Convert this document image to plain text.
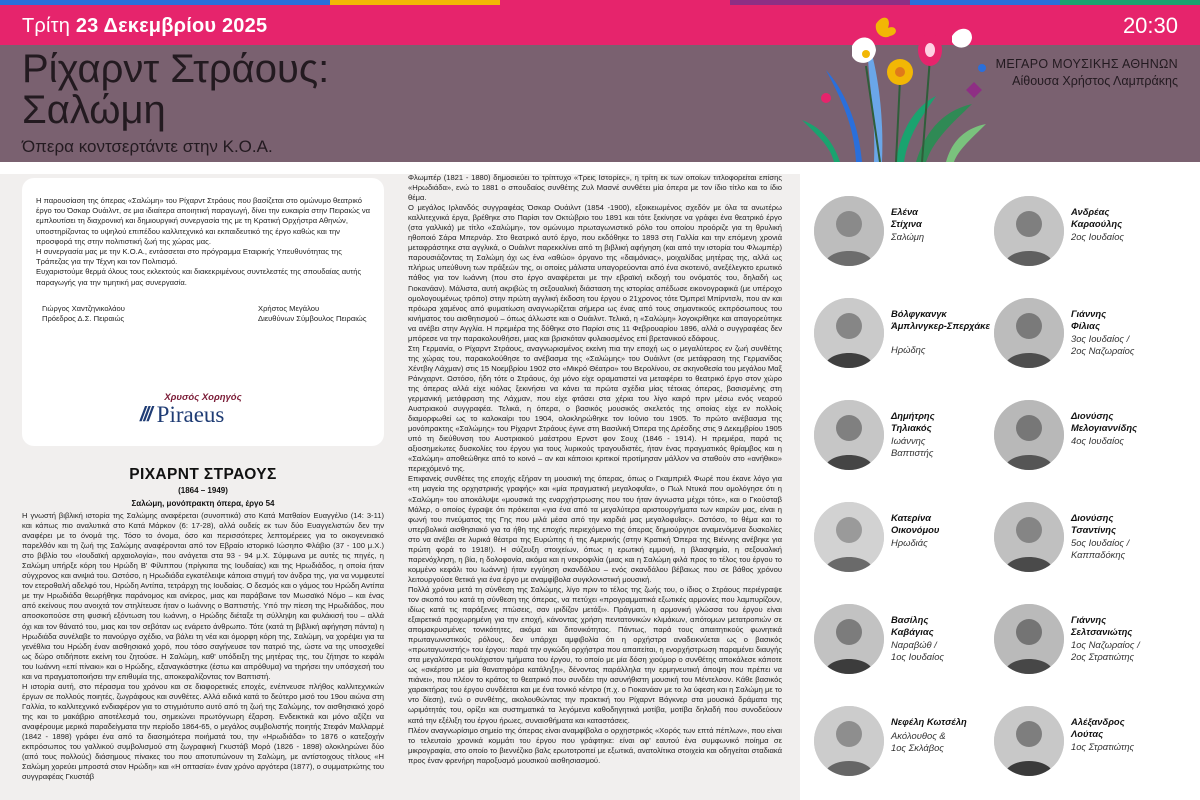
Τρίτη 23 Δεκεμβρίου 2025	20:30
Ρίχαρντ Στράους:
Σαλώμη
Όπερα κοντσερτάντε στην Κ.Ο.Α.
ΜΕΓΑΡΟ ΜΟΥΣΙΚΗΣ ΑΘΗΝΩΝ
Αίθουσα Χρήστος Λαμπράκης

Η παρουσίαση της όπερας «Σαλώμη» του Ρίχαρντ Στράους που βασίζεται στο ομώνυμο θεατρικό έργο του Όσκαρ Ουάιλντ, σε μια ιδιαίτερα αποιητική παραγωγή, δίνει την ευκαιρία στην Πειραιώς να εμπλουτίσει τη διαχρονική και δημιουργική συνεργασία της με τη Κρατική Ορχήστρα Αθηνών, υποστηρίζοντας το υψηλού επιπέδου καλλιτεχνικό και εκπαιδευτικό της έργο καθώς και την προσφορά της στην πολιτιστική ζωή της χώρας μας.

Η συνεργασία μας με την Κ.Ο.Α., εντάσσεται στο πρόγραμμα Εταιρικής Υπευθυνότητας της Τράπεζας για την Τέχνη και τον Πολιτισμό.

Ευχαριστούμε θερμά όλους τους εκλεκτούς και διακεκριμένους συντελεστές της σπουδαίας αυτής παραγωγής για την τιμητική μας συνεργασία.

Γιώργος Χαντζηνικολάου
Πρόεδρος Δ.Σ. Πειραιώς
Χρήστος Μεγάλου
Διευθύνων Σύμβουλος Πειραιώς
Χρυσός Χορηγός
/// Piraeus
ΡΙΧΑΡΝΤ ΣΤΡΑΟΥΣ
(1864 – 1949)
Σαλώμη, μονόπρακτη όπερα, έργο 54

Η γνωστή βιβλική ιστορία της Σαλώμης αναφέρεται (συνοπτικά) στο Κατά Ματθαίον Ευαγγέλιο (14: 3-11) και κάπως πιο αναλυτικά στο Κατά Μάρκον (6: 17-28), αλλά ουδείς εκ των δύο Ευαγγελιστών δεν την αναφέρει με το όνομά της. Τόσο το όνομα, όσο και περισσότερες λεπτομέρειες για το οικογενειακό παρελθόν και τη ζωή της Σαλώμης αναφέρονται από τον Εβραίο ιστορικό Ιώσηπο Φλάβιο (37 - 100 μ.Χ.) στο βιβλίο του «Ιουδαϊκή αρχαιολογία», που ανάγεται στα 93 - 94 μ.Χ. Σύμφωνα με αυτές τις πηγές, η Σαλώμη υπήρξε κόρη του Ηρώδη Β' Φίλιππου (πρίγκιπα της Ιουδαίας) και της Ηρωδιάδος, η οποία ήταν σύγχρονος και ανιψιά του. Ωστόσο, η Ηρωδιάδα εγκατέλειψε κάποια στιγμή τον άνδρα της, για να νυμφευτεί τον ετεροθαλή αδελφό του, Ηρώδη Αντίπα, τετράρχη της Ιουδαίας. Ο δεσμός και ο γάμος του Ηρώδη Αντίπα με την Ηρωδιάδα θεωρήθηκε παράνομος και ανίερος, μιας και παράβαινε τον Μωσαϊκό Νόμο – και ένας από εκείνους που ανοιχτά τον στηλίτευσε ήταν ο Ιωάννης ο Βαπτιστής. Υπό την πίεση της Ηρωδιάδος, που αποσκοπούσε στη φυσική εξόντωση του Ιωάννη, ο Ηρώδης διέταξε τη σύλληψη και φυλάκισή του – αλλά όχι και τον θάνατό του, μιας και τον σεβόταν ως ενάρετο άνθρωπο. Τότε (κατά τη βιβλική αφήγηση πάντα) η Ηρωδιάδα συνέλαβε το πανούργο σχέδιο, να βάλει τη νέα και όμορφη κόρη της, Σαλώμη, να χορέψει για τα γενέθλια του Ηρώδη έναν αισθησιακό χορό, που τόσο σαγήνευσε τον πατριό της, ώστε να της υποσχεθεί ως δώρο οτιδήποτε εκείνη του ζητούσε. Η Σαλώμη, καθ' υπόδειξη της μητέρας της, του ζήτησε το κεφάλι του Ιωάννη «επί πίνακι» και ο Ηρώδης, εξαναγκάστηκε (έστω και απρόθυμα) να τηρήσει την υπόσχεσή του και να πραγματοποιήσει την επιθυμία της, αποκεφαλίζοντας τον Βαπτιστή.

Η ιστορία αυτή, στο πέρασμα του χρόνου και σε διαφορετικές εποχές, ενέπνευσε πλήθος καλλιτεχνικών έργων σε πολλούς ποιητές, ζωγράφους και συνθέτες. Αλλά ειδικά κατά το δεύτερο μισό του 19ου αιώνα στη Γαλλία, το καλλιτεχνικό ενδιαφέρον για το στιγμιότυπο αυτό από τη ζωή της Σαλώμης, τον αισθησιακό χορό της και το μακάβριο αποτέλεσμά του, σημειώνει πρωτόγνωρη έξαρση. Ενδεικτικά και μόνο αξίζει να αναφέρουμε μερικά παραδείγματα την περίοδο 1864-65, ο μεγάλος συμβολιστής ποιητής Στεφάν Μαλλαρμέ (1842 - 1898) γράφει ένα από τα διασημότερα ποιήματά του, την «Ηρωδιάδα» το 1876 ο κατεξοχήν εκπρόσωπος του γαλλικού συμβολισμού στη ζωγραφική Γκυστάβ Μορό (1826 - 1898) ολοκληρώνει δύο (από τους πολλούς) διάσημους πίνακες του που αποτυπώνουν τη Σαλώμη, με αντίστοιχους τίτλους «Η Σαλώμη χορεύει μπροστά στον Ηρώδη» και «Η οπτασία» έναν χρόνο αργότερα (1877), ο συμματριώτης του συγγραφέας Γκυστάβ

Φλωμπέρ (1821 - 1880) δημοσιεύει το τρίπτυχο «Τρεις Ιστορίες», η τρίτη εκ των οποίων τιτλοφορείται επίσης «Ηρωδιάδα», ενώ το 1881 ο σπουδαίος συνθέτης Ζυλ Μασνέ συνθέτει μία όπερα με τον ίδιο τίτλο και το ίδιο θέμα.

Ο μεγάλος Ιρλανδός συγγραφέας Όσκαρ Ουάιλντ (1854 -1900), εξοικειωμένος σχεδόν με όλα τα ανωτέρω καλλιτεχνικά έργα, βρέθηκε στο Παρίσι τον Οκτώβριο του 1891 και τότε ξεκίνησε να γράφει ένα θεατρικό έργο (στα γαλλικά) με τίτλο «Σαλώμη», τον ομώνυμο πρωταγωνιστικό ρόλο του οποίου προόριζε για τη θρυλική ηθοποιό Σάρα Μπερνάρ. Στο θεατρικό αυτό έργο, που εκδόθηκε το 1893 στη Γαλλία και την επόμενη χρονιά μεταφράστηκε στα αγγλικά, ο Ουάιλντ παρεκκλίνει από τη βιβλική αφήγηση (και από την ιστορία του Φλωμπέρ) παρουσιάζοντας τη Σαλώμη όχι ως ένα «αθώο» όργανο της «δαιμόνιας», μοιχαλίδας μητέρας της, αλλά ως πλήρως υπεύθυνη των πράξεών της, οι οποίες μάλιστα υπαγορεύονται από ένα σκοτεινό, ανεξέλεγκτο ερωτικό πάθος για τον Ιωάννη (που στο έργο αναφέρεται με την εβραϊκή εκδοχή του ονόματός του, δηλαδή ως Γιοκανάαν). Μάλιστα, αυτή ακριβώς τη σεξουαλική διάσταση της ιστορίας απέδωσε εικονογραφικά (με υπέροχο ομολογουμένως τρόπο) στην πρώτη αγγλική έκδοση του έργου ο 21χρονος τότε Όμπρεϊ Μπίρντσλι, που αν και πρόωρα χαμένος από φυματίωση αναγνωρίζεται σήμερα ως ένας από τους σημαντικούς εκπρόσωπους του κινήματος του αισθητισμού – όπως άλλωστε και ο Ουάιλντ. Τελικά, η «Σαλώμη» λογοκρίθηκε και απαγορεύτηκε να ανέβει στην Αγγλία. Η πρεμιέρα της δόθηκε στο Παρίσι στις 11 Φεβρουαρίου 1896, αλλά ο συγγραφέας δεν μπόρεσε να την παρακολουθήσει, μιας και βρισκόταν φυλακισμένος επί βρετανικού εδάφους.

Στη Γερμανία, ο Ρίχαρντ Στράους, αναγνωρισμένος εκείνη πια την εποχή ως ο μεγαλύτερος εν ζωή συνθέτης της χώρας του, παρακολούθησε το ανέβασμα της «Σαλώμης» του Ουάιλντ (σε μετάφραση της Γερμανίδας Χέντβιγ Λάχμαν) στις 15 Νοεμβρίου 1902 στο «Μικρό Θέατρο» του Βερολίνου, σε σκηνοθεσία του μεγάλου Μαξ Ράινχαρντ. Ωστόσο, ήδη τότε ο Στράους, όχι μόνο είχε οραματιστεί να μεταφέρει το θεατρικό έργο στον χώρο της όπερας αλλά είχε κιόλας ξεκινήσει να κάνει τα πρώτα σχέδια μίας τέτοιας όπερας, βασισμένης στη γερμανική μετάφραση της Λάχμαν, που είχε φτάσει στα χέρια του λίγο καιρό πριν μέσω ενός νεαρού Αυστριακού συγγραφέα. Τελικά, η όπερα, ο βασικός μουσικός σκελετός της οποίας είχε εν πολλοίς διαμορφωθεί ως το καλοκαίρι του 1904, ολοκληρώθηκε τον Ιούνιο του 1905. Το πρώτο ανέβασμα της μονόπρακτης «Σαλώμης» του Ρίχαρντ Στράους έγινε στη Βασιλική Όπερα της Δρέσδης στις 9 Δεκεμβρίου 1905 υπό τη διεύθυνση του Αυστριακού μαέστρου Ερνστ φον Σουχ (1846 - 1914). Η πρεμιέρα, παρά τις αξιοσημείωτες δυσκολίες του έργου για τους λυρικούς τραγουδιστές, ήταν ένας πραγματικός θρίαμβος και η «Σαλώμη» αποθεώθηκε από το κοινό – αν και κάποιοι κριτικοί προτίμησαν μάλλον να σταθούν στο «ανήθικο» περιεχόμενό της.

Επιφανείς συνθέτες της εποχής εξήραν τη μουσική της όπερας, όπως ο Γκαμπριέλ Φωρέ που έκανε λόγο για «τη μαγεία της ορχηστρικής γραφής» και «μία πραγματική μεγαλοφυΐα», ο Πωλ Ντυκά που ομολόγησε ότι η «Σαλώμη» του αποκάλυψε «μουσικά της εναρχήστρωσης που του ήταν άγνωστα μέχρι τότε», και ο Γκούσταβ Μάλερ, ο οποίος έγραψε ότι πρόκειται «για ένα από τα μεγαλύτερα αριστουργήματα των καιρών μας, είναι η φωνή του πνεύματος της Γης που μιλά μέσα από την καρδιά μας μεγαλοφυΐας». Ωστόσο, το θέμα και το υπερβολικά αισθησιακό για τα ήθη της εποχής περιεχόμενο της όπερας δημιούργησε αναμενόμενα δυσκολίες στο να ανέβει σε λυρικά θέατρα της Ευρώπης ή της Αμερικής (στην Κρατική Όπερα της Βιέννης ανέβηκε για πρώτη φορά το 1918!). Η σύζευξη στοιχείων, όπως η ερωτική εμμονή, η βλασφημία, η σεξουαλική παρενόχληση, η βία, η δολοφονία, ακόμα και η νεκροφιλία (μιας και η Σαλώμη φιλά προς το τέλος του έργου το κομμένο κεφάλι του Ιωάννη) ήταν εγγύηση σκανδάλου – ενός σκανδάλου βέβαιως που σε βάθος χρόνου λειτουργούσε θετικά για ένα έργο με αναμφίβολα συγκλονιστική μουσική.

Πολλά χρόνια μετά τη σύνθεση της Σαλώμης, λίγο πριν το τέλος της ζωής του, ο ίδιος ο Στράους περιέγραψε τον σκοπό του κατά τη σύνθεση της όπερας, να πετύχει «προγραμματικά εξωτικές αρμονίες που λαμπυρίζουν, ιδίως κατά τις παράξενες πτώσεις, σαν ιριδίζον μετάξι». Πράγματι, η αρμονική γλώσσα του έργου είναι εξαιρετικά προχωρημένη για την εποχή, κάνοντας χρήση πεντατονικών κλιμάκων, απότομων μετατροπιών σε απομακρυσμένες τονικότητες, ακόμα και διτονικότητας. Πάντως, παρά τους απαιτητικούς φωνητικά πρωταγωνιστικούς ρόλους, δεν υπάρχει αμφιβολία ότι η ορχήστρα αναδεικνύεται ως ο βασικός «πρωταγωνιστής» του έργου: παρά την ογκώδη ορχήστρα που απαιτείται, η ενορχήστρωση παραμένει διαυγής στα μεγαλύτερα τουλάχιστον τμήματα του έργου, το οποίο με μία δόση χιούμορ ο συνθέτης αποκάλεσε κάποτε ως «σκέρτσο με μία θανατηφόρα κατάληξη», δένοντας παράλληλα την ερμηνευτική άποψη που πρέπει να πιάνει», που πλέον το κράτος το θεατρικό που συνδέει την ασυνήθιστη μουσική του Μέντελσον. Κάθε βασικός χαρακτήρας του έργου συνδέεται και με ένα τονικό κέντρο (π.χ. ο Γιοκανάαν με το λα ύφεση και η Σαλώμη με το ντο δίεση), ενώ ο συνθέτης, ακολουθώντας την πρακτική του Ρίχαρντ Βάγκνερ στα μουσικά δράματα της ωριμότητάς του, ορίζει και συστηματικά τα λεγόμενα καθοδηγητικά μοτίβα, μοτίβα δηλαδή που συνοδεύουν κατά την εξέλιξη του έργου ήρωες, συναισθήματα και καταστάσεις.

Πλέον αναγνωρίσιμο σημείο της όπερας είναι αναμφίβολα ο ορχηστρικός «Χορός των επτά πέπλων», που είναι το τελευταίο χρονικά κομμάτι του έργου που γράφτηκε: είναι αφ' εαυτού ένα συμφωνικό ποίημα σε μικρογραφία, στο οποίο το βιεννέζικο βαλς ερωτοτροπεί με εξωτικά, ανατολίτικα στοιχεία και οδηγείται σταδιακά προς έναν φρενήρη παροξυσμό μουσικού αισθησιασμού.

Ελένα
Στίχινα
Σαλώμη
Ανδρέας
Καραούλης
2ος Ιουδαίος
Βόλφγκανγκ
Άμπλινγκερ-Σπερχάκε
Ηρώδης
Γιάννης
Φίλιας
3ος Ιουδαίος /
2ος Ναζωραίος
Δημήτρης
Τηλιακός
Ιωάννης
Βαπτιστής
Διονύσης
Μελογιαννίδης
4ος Ιουδαίος
Κατερίνα
Οικονόμου
Ηρωδιάς
Διονύσης
Τσαντίνης
5ος Ιουδαίος /
Καππαδόκης
Βασίλης
Καβάγιας
Ναραβώθ /
1ος Ιουδαίος
Γιάννης
Σελτσανιώτης
1ος Ναζωραίος /
2ος Στρατιώτης
Νεφέλη Κωτσέλη
Ακόλουθος &
1ος Σκλάβος
Αλέξανδρος
Λούτας
1ος Στρατιώτης
